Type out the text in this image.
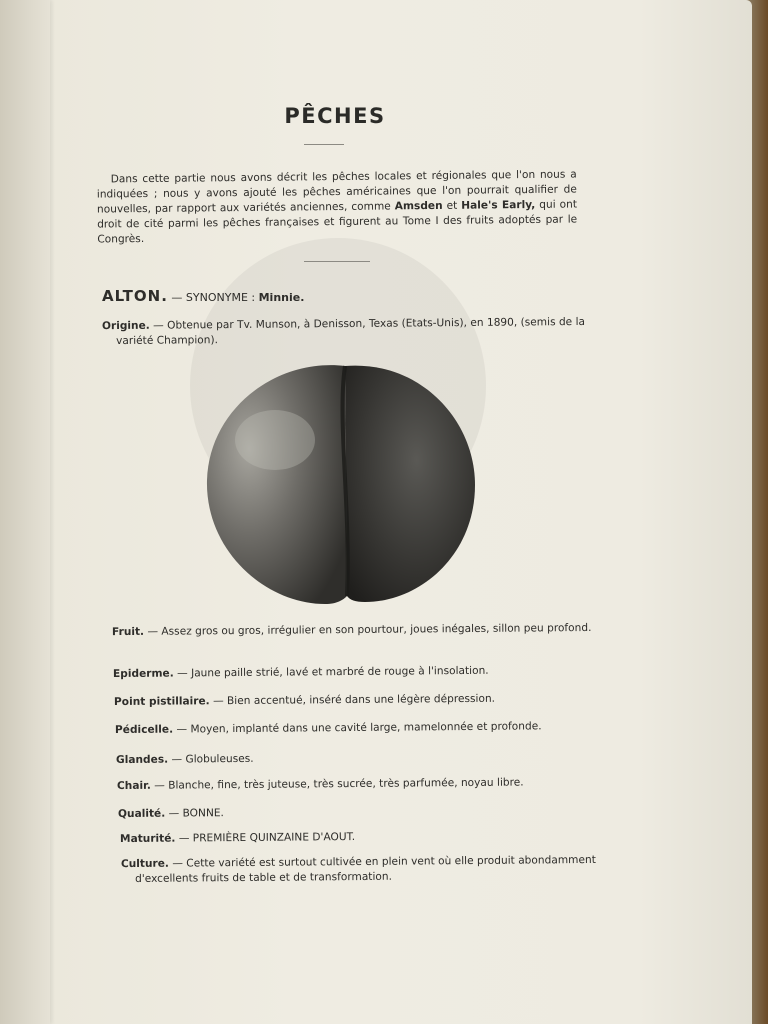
PÊCHES
Dans cette partie nous avons décrit les pêches locales et régionales que l'on nous a indiquées ; nous y avons ajouté les pêches américaines que l'on pourrait qualifier de nouvelles, par rapport aux variétés anciennes, comme Amsden et Hale's Early, qui ont droit de cité parmi les pêches françaises et figurent au Tome I des fruits adoptés par le Congrès.
ALTON. — SYNONYME : Minnie.
Origine. — Obtenue par Tv. Munson, à Denisson, Texas (Etats-Unis), en 1890, (semis de la variété Champion).
Fruit. — Assez gros ou gros, irrégulier en son pourtour, joues inégales, sillon peu profond.
Epiderme. — Jaune paille strié, lavé et marbré de rouge à l'insolation.
Point pistillaire. — Bien accentué, inséré dans une légère dépression.
Pédicelle. — Moyen, implanté dans une cavité large, mamelonnée et profonde.
Glandes. — Globuleuses.
Chair. — Blanche, fine, très juteuse, très sucrée, très parfumée, noyau libre.
Qualité. — BONNE.
Maturité. — PREMIÈRE QUINZAINE D'AOUT.
Culture. — Cette variété est surtout cultivée en plein vent où elle produit abondamment d'excellents fruits de table et de transformation.
